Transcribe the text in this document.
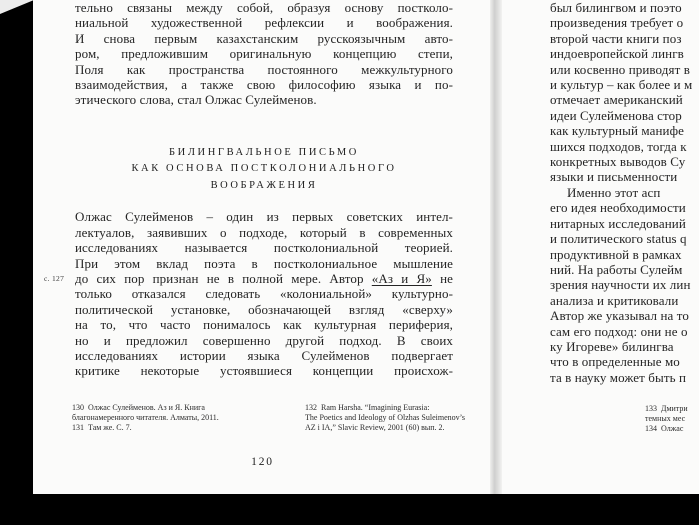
тельно связаны между собой, образуя основу постколо-
ниальной художественной рефлексии и воображения.
И снова первым казахстанским русскоязычным авто-
ром, предложившим оригинальную концепцию степи,
Поля как пространства постоянного межкультурного
взаимодействия, а также свою философию языка и по-
этического слова, стал Олжас Сулейменов.
БИЛИНГВАЛЬНОЕ ПИСЬМО
КАК ОСНОВА ПОСТКОЛОНИАЛЬНОГО
ВООБРАЖЕНИЯ
Олжас Сулейменов – один из первых советских интел-
лектуалов, заявивших о подходе, который в современных
исследованиях называется постколониальной теорией.
При этом вклад поэта в постколониальное мышление
до сих пор признан не в полной мере. Автор «Аз и Я» не
только отказался следовать «колониальной» культурно-
политической установке, обозначающей взгляд «сверху»
на то, что часто понималось как культурная периферия,
но и предложил совершенно другой подход. В своих
исследованиях истории языка Сулейменов подвергает
критике некоторые устоявшиеся концепции происхож-
с. 127
130  Олжас Сулейменов. Аз и Я. Книга
благонамеренного читателя. Алматы, 2011.
131  Там же. С. 7.
132  Ram Harsha. “Imagining Eurasia:
The Poetics and Ideology of Olzhas Suleimenov’s
AZ i IA,” Slavic Review, 2001 (60) вып. 2.
120
был билингвом и поэто
произведения требует о
второй части книги поз
индоевропейской лингв
или косвенно приводят в
и культур – как более и м
отмечает американский
идеи Сулейменова стор
как культурный манифе
шихся подходов, тогда к
конкретных выводов Су
языки и письменности
Именно этот асп
его идея необходимости
нитарных исследований
и политического status q
продуктивной в рамках
ний. На работы Сулейм
зрения научности их лин
анализа и критиковали
Автор же указывал на то
сам его подход: они не о
ку Игореве» билингва
что в определенные мо
та в науку может быть п
133  Дмитри
темных мес
134  Олжас
